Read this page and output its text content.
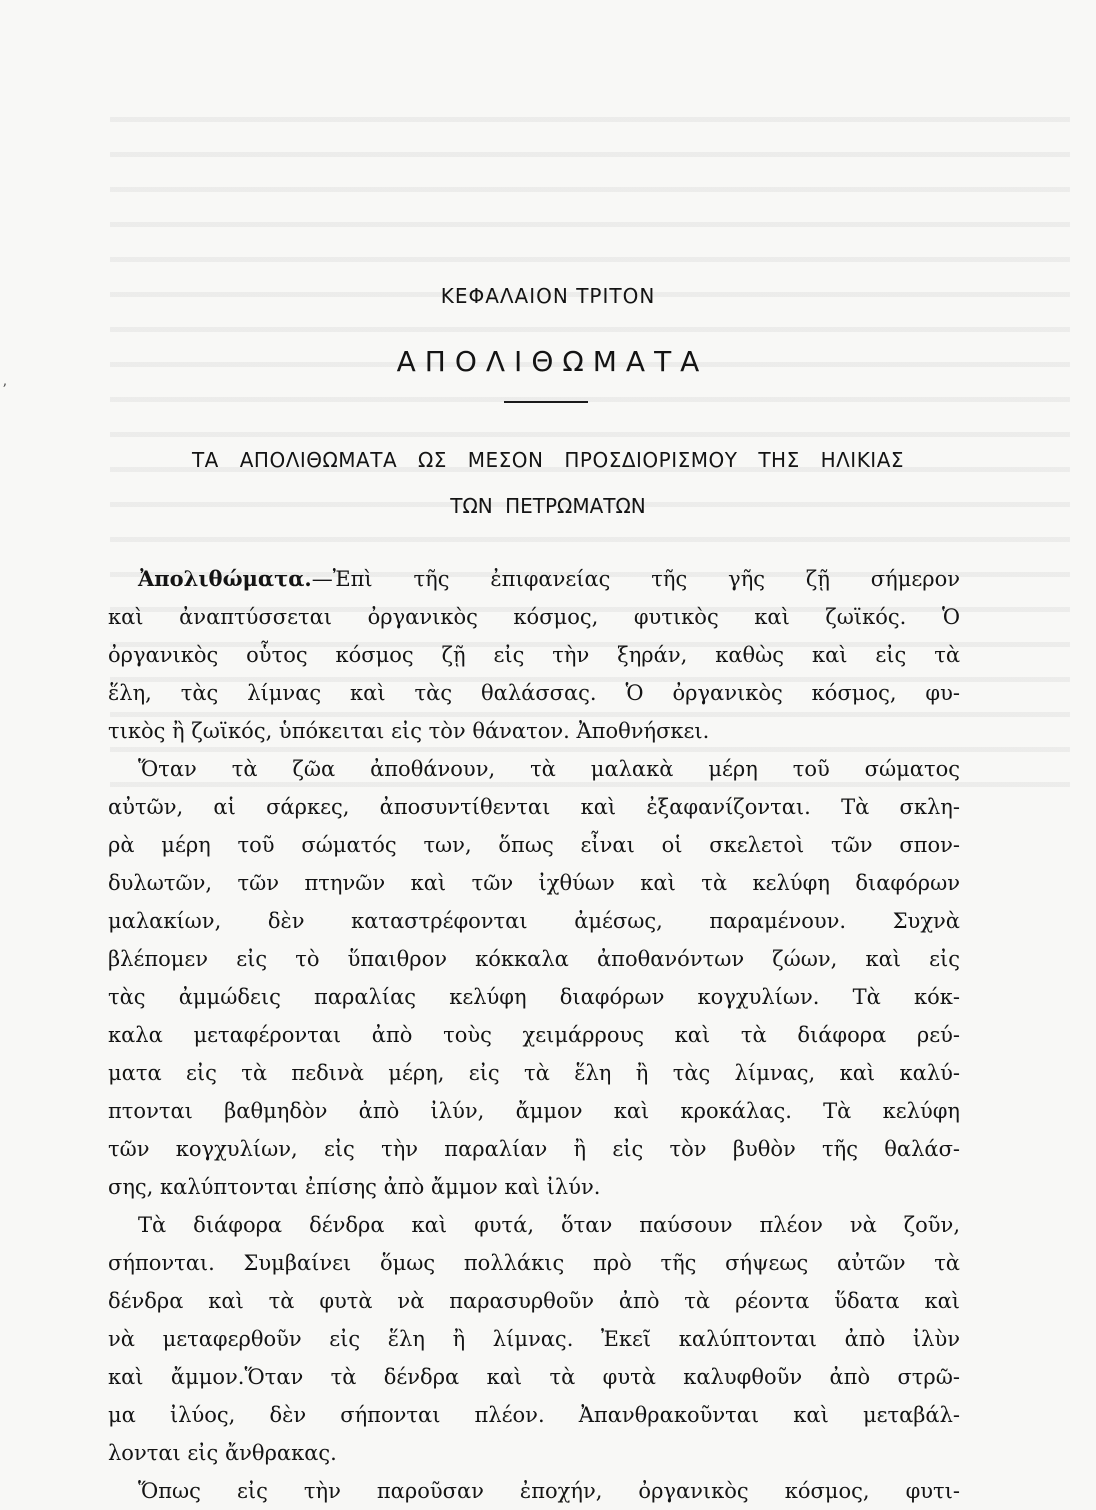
ʼ
ΚΕΦΑΛΑΙΟΝ ΤΡΙΤΟΝ
ΑΠΟΛΙΘΩΜΑΤΑ
ΤΑ ΑΠΟΛΙΘΩΜΑΤΑ ΩΣ ΜΕΣΟΝ ΠΡΟΣΔΙΟΡΙΣΜΟΥ ΤΗΣ ΗΛΙΚΙΑΣ
ΤΩΝ ΠΕΤΡΩΜΑΤΩΝ
Ἀπολιθώματα.—Ἐπὶ τῆς ἐπιφανείας τῆς γῆς ζῇ σήμερον
καὶ ἀναπτύσσεται ὀργανικὸς κόσμος, φυτικὸς καὶ ζωϊκός. Ὁ
ὀργανικὸς οὗτος κόσμος ζῇ εἰς τὴν ξηράν, καθὼς καὶ εἰς τὰ
ἕλη, τὰς λίμνας καὶ τὰς θαλάσσας. Ὁ ὀργανικὸς κόσμος, φυ-
τικὸς ἢ ζωϊκός, ὑπόκειται εἰς τὸν θάνατον. Ἀποθνήσκει.
Ὅταν τὰ ζῶα ἀποθάνουν, τὰ μαλακὰ μέρη τοῦ σώματος
αὐτῶν, αἱ σάρκες, ἀποσυντίθενται καὶ ἐξαφανίζονται. Τὰ σκλη-
ρὰ μέρη τοῦ σώματός των, ὅπως εἶναι οἱ σκελετοὶ τῶν σπον-
δυλωτῶν, τῶν πτηνῶν καὶ τῶν ἰχθύων καὶ τὰ κελύφη διαφόρων
μαλακίων, δὲν καταστρέφονται ἀμέσως, παραμένουν. Συχνὰ
βλέπομεν εἰς τὸ ὕπαιθρον κόκκαλα ἀποθανόντων ζώων, καὶ εἰς
τὰς ἀμμώδεις παραλίας κελύφη διαφόρων κογχυλίων. Τὰ κόκ-
καλα μεταφέρονται ἀπὸ τοὺς χειμάρρους καὶ τὰ διάφορα ρεύ-
ματα εἰς τὰ πεδινὰ μέρη, εἰς τὰ ἕλη ἢ τὰς λίμνας, καὶ καλύ-
πτονται βαθμηδὸν ἀπὸ ἰλύν, ἄμμον καὶ κροκάλας. Τὰ κελύφη
τῶν κογχυλίων, εἰς τὴν παραλίαν ἢ εἰς τὸν βυθὸν τῆς θαλάσ-
σης, καλύπτονται ἐπίσης ἀπὸ ἄμμον καὶ ἰλύν.
Τὰ διάφορα δένδρα καὶ φυτά, ὅταν παύσουν πλέον νὰ ζοῦν,
σήπονται. Συμβαίνει ὅμως πολλάκις πρὸ τῆς σήψεως αὐτῶν τὰ
δένδρα καὶ τὰ φυτὰ νὰ παρασυρθοῦν ἀπὸ τὰ ρέοντα ὕδατα καὶ
νὰ μεταφερθοῦν εἰς ἕλη ἢ λίμνας. Ἐκεῖ καλύπτονται ἀπὸ ἰλὺν
καὶ ἄμμον.Ὅταν τὰ δένδρα καὶ τὰ φυτὰ καλυφθοῦν ἀπὸ στρῶ-
μα ἰλύος, δὲν σήπονται πλέον. Ἀπανθρακοῦνται καὶ μεταβάλ-
λονται εἰς ἄνθρακας.
Ὅπως εἰς τὴν παροῦσαν ἐποχήν, ὀργανικὸς κόσμος, φυτι-
